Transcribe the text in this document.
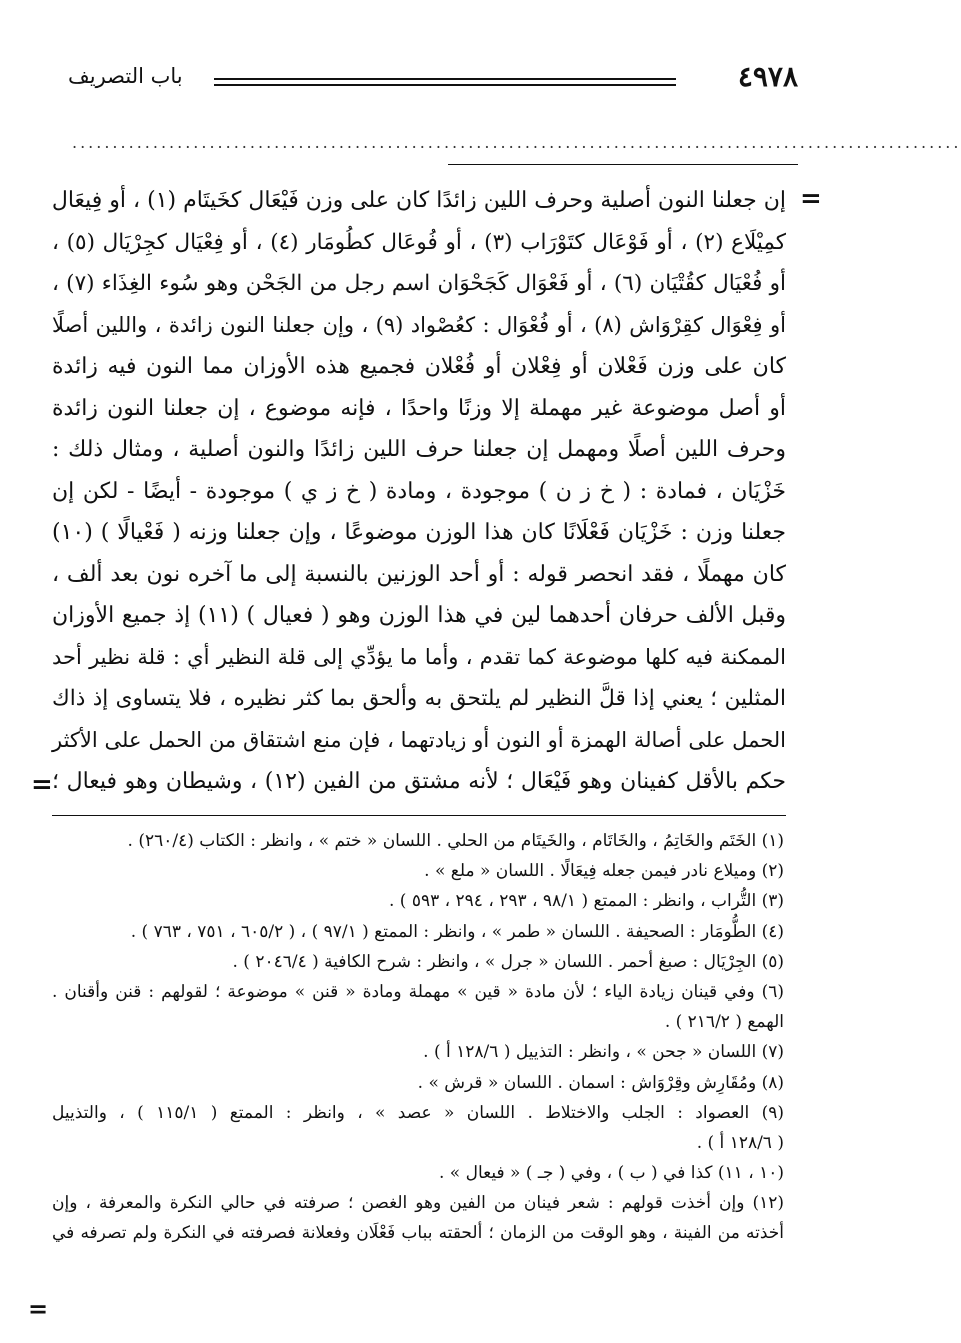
٤٩٧٨
باب التصريف
..............................................................................................................
=
إن جعلنا النون أصلية وحرف اللين زائدًا كان على وزن فَيْعَال كخَيتَام (١) ، أو فِيعَال
كمِيْلَاع (٢) ، أو فَوْعَال كتَوْرَاب (٣) ، أو فُوعَال كطُومَار (٤) ، أو فِعْيَال كجِرْيَال (٥) ،
أو فُعْيَال كقُتْيَان (٦) ، أو فَعْوَال كَجَحْوَان اسم رجل من الجَحْن وهو سُوء الغِذَاء (٧) ،
أو فِعْوَال كقِرْوَاش (٨) ، أو فُعْوَال : كعُصْواد (٩) ، وإن جعلنا النون زائدة ، واللين أصلًا
كان على وزن فَعْلان أو فِعْلان أو فُعْلان فجميع هذه الأوزان مما النون فيه زائدة
أو أصل موضوعة غير مهملة إلا وزنًا واحدًا ، فإنه موضوع ، إن جعلنا النون زائدة
وحرف اللين أصلًا ومهمل إن جعلنا حرف اللين زائدًا والنون أصلية ، ومثال ذلك :
خَزْيَان ، فمادة : ( خ ز ن ) موجودة ، ومادة ( خ ز ي ) موجودة - أيضًا - لكن إن
جعلنا وزن : خَزْيَان فَعْلَانًا كان هذا الوزن موضوعًا ، وإن جعلنا وزنه ( فَعْيالًا ) (١٠)
كان مهملًا ، فقد انحصر قوله : أو أحد الوزنين بالنسبة إلى ما آخره نون بعد ألف ،
وقبل الألف حرفان أحدهما لين في هذا الوزن وهو ( فعيال ) (١١) إذ جميع الأوزان
الممكنة فيه كلها موضوعة كما تقدم ، وأما ما يؤدِّي إلى قلة النظير أي : قلة نظير أحد
المثلين ؛ يعني إذا قلَّ النظير لم يلتحق به وألحق بما كثر نظيره ، فلا يتساوى إذ ذاك
الحمل على أصالة الهمزة أو النون أو زيادتهما ، فإن منع اشتقاق من الحمل على الأكثر
حكم بالأقل كفينان وهو فَيْعَال ؛ لأنه مشتق من الفين (١٢) ، وشيطان وهو فيعال ؛
=
(١) الخَتَم والخَاتِمُ ، والخَاتَام ، والخَيتَام من الحلي . اللسان « ختم » ، وانظر : الكتاب (٢٦٠/٤) .
(٢) وميلاع نادر فيمن جعله فِيعَالًا . اللسان « ملع » .
(٣) التُّراب ، وانظر : الممتع ( ٩٨/١ ، ٢٩٣ ، ٢٩٤ ، ٥٩٣ ) .
(٤) الطُّومَار : الصحيفة . اللسان « طمر » ، وانظر : الممتع ( ٩٧/١ ) ، ( ٦٠٥/٢ ، ٧٥١ ، ٧٦٣ ) .
(٥) الجِرْيَال : صبغ أحمر . اللسان « جرل » ، وانظر : شرح الكافية ( ٢٠٤٦/٤ ) .
(٦) وفي قينان زيادة الياء ؛ لأن مادة « قين » مهملة ومادة « قنن » موضوعة ؛ لقولهم : قنن وأقنان .
الهمع ( ٢١٦/٢ ) .
(٧) اللسان « جحن » ، وانظر : التذييل ( ١٢٨/٦ أ ) .
(٨) ومُقَارِش وقِرْوَاش : اسمان . اللسان « قرش » .
(٩) العصواد : الجلب والاختلاط . اللسان « عصد » ، وانظر : الممتع ( ١١٥/١ ) ، والتذييل
( ١٢٨/٦ أ ) .
(١٠ ، ١١) كذا في ( ب ) ، وفي ( جـ ) « فيعال » .
(١٢) وإن أخذت قولهم : شعر فينان من الفين وهو الغصن ؛ صرفته في حالي النكرة والمعرفة ، وإن
أخذته من الفينة ، وهو الوقت من الزمان ؛ ألحقته بباب فَعْلَان وفعلانة فصرفته في النكرة ولم تصرفه في
=
